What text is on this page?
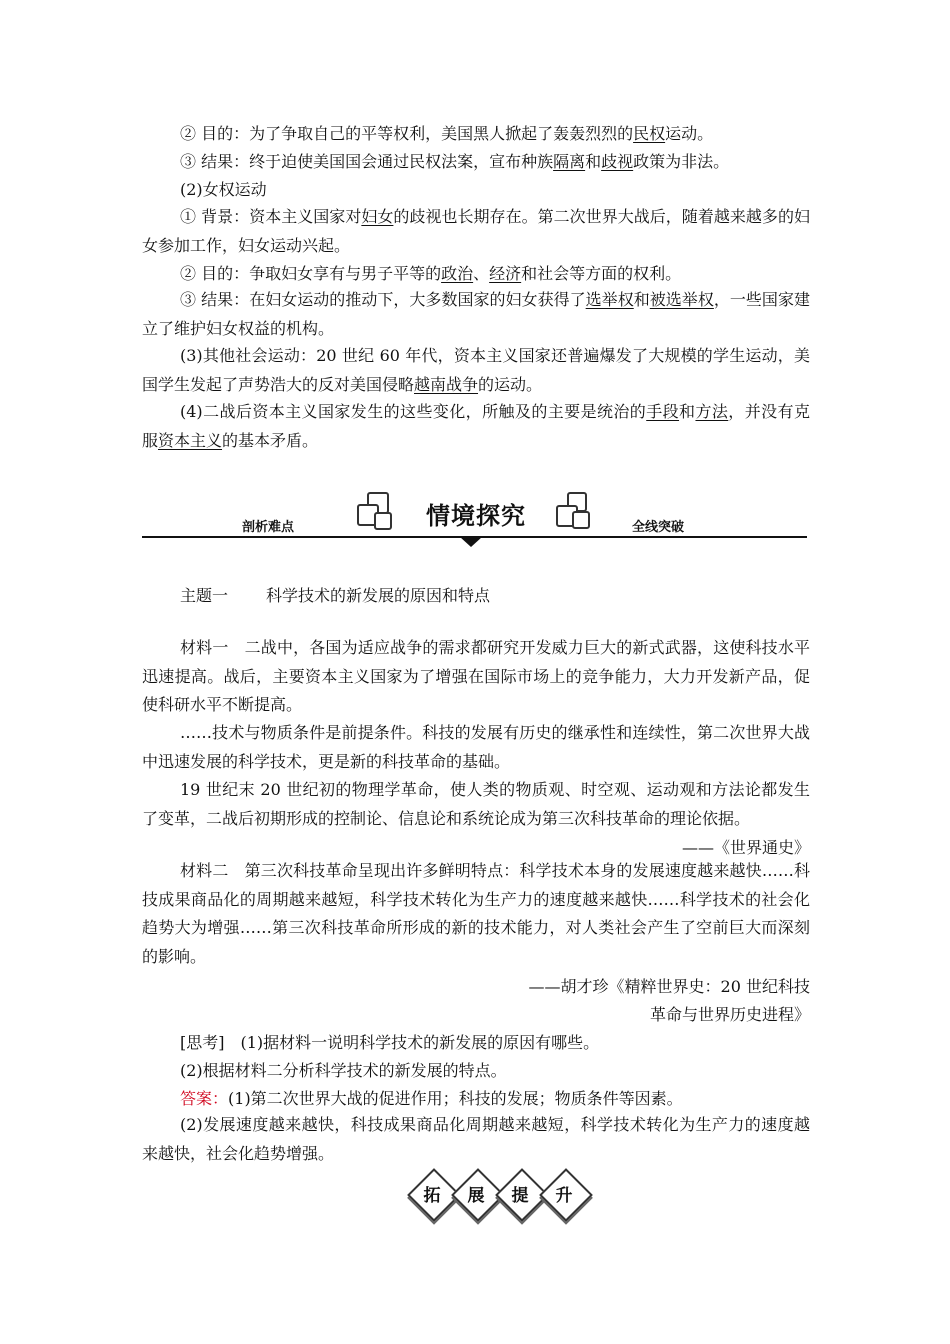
② 目的：为了争取自己的平等权利，美国黑人掀起了轰轰烈烈的民权运动。
③ 结果：终于迫使美国国会通过民权法案，宣布种族隔离和歧视政策为非法。
(2)女权运动
① 背景：资本主义国家对妇女的歧视也长期存在。第二次世界大战后，随着越来越多的妇女参加工作，妇女运动兴起。
② 目的：争取妇女享有与男子平等的政治、经济和社会等方面的权利。
③ 结果：在妇女运动的推动下，大多数国家的妇女获得了选举权和被选举权，一些国家建立了维护妇女权益的机构。
(3)其他社会运动：20 世纪 60 年代，资本主义国家还普遍爆发了大规模的学生运动，美国学生发起了声势浩大的反对美国侵略越南战争的运动。
(4)二战后资本主义国家发生的这些变化，所触及的主要是统治的手段和方法，并没有克服资本主义的基本矛盾。
剖析难点	全线突破
情境探究
主题一 科学技术的新发展的原因和特点
材料一　二战中，各国为适应战争的需求都研究开发威力巨大的新式武器，这使科技水平迅速提高。战后，主要资本主义国家为了增强在国际市场上的竞争能力，大力开发新产品，促使科研水平不断提高。
……技术与物质条件是前提条件。科技的发展有历史的继承性和连续性，第二次世界大战中迅速发展的科学技术，更是新的科技革命的基础。
19 世纪末 20 世纪初的物理学革命，使人类的物质观、时空观、运动观和方法论都发生了变革，二战后初期形成的控制论、信息论和系统论成为第三次科技革命的理论依据。
——《世界通史》
材料二　第三次科技革命呈现出许多鲜明特点：科学技术本身的发展速度越来越快……科技成果商品化的周期越来越短，科学技术转化为生产力的速度越来越快……科学技术的社会化趋势大为增强……第三次科技革命所形成的新的技术能力，对人类社会产生了空前巨大而深刻的影响。
——胡才珍《精粹世界史：20 世纪科技
革命与世界历史进程》
[思考]　(1)据材料一说明科学技术的新发展的原因有哪些。
(2)根据材料二分析科学技术的新发展的特点。
答案：(1)第二次世界大战的促进作用；科技的发展；物质条件等因素。
(2)发展速度越来越快，科技成果商品化周期越来越短，科学技术转化为生产力的速度越来越快，社会化趋势增强。
拓	展	提	升
